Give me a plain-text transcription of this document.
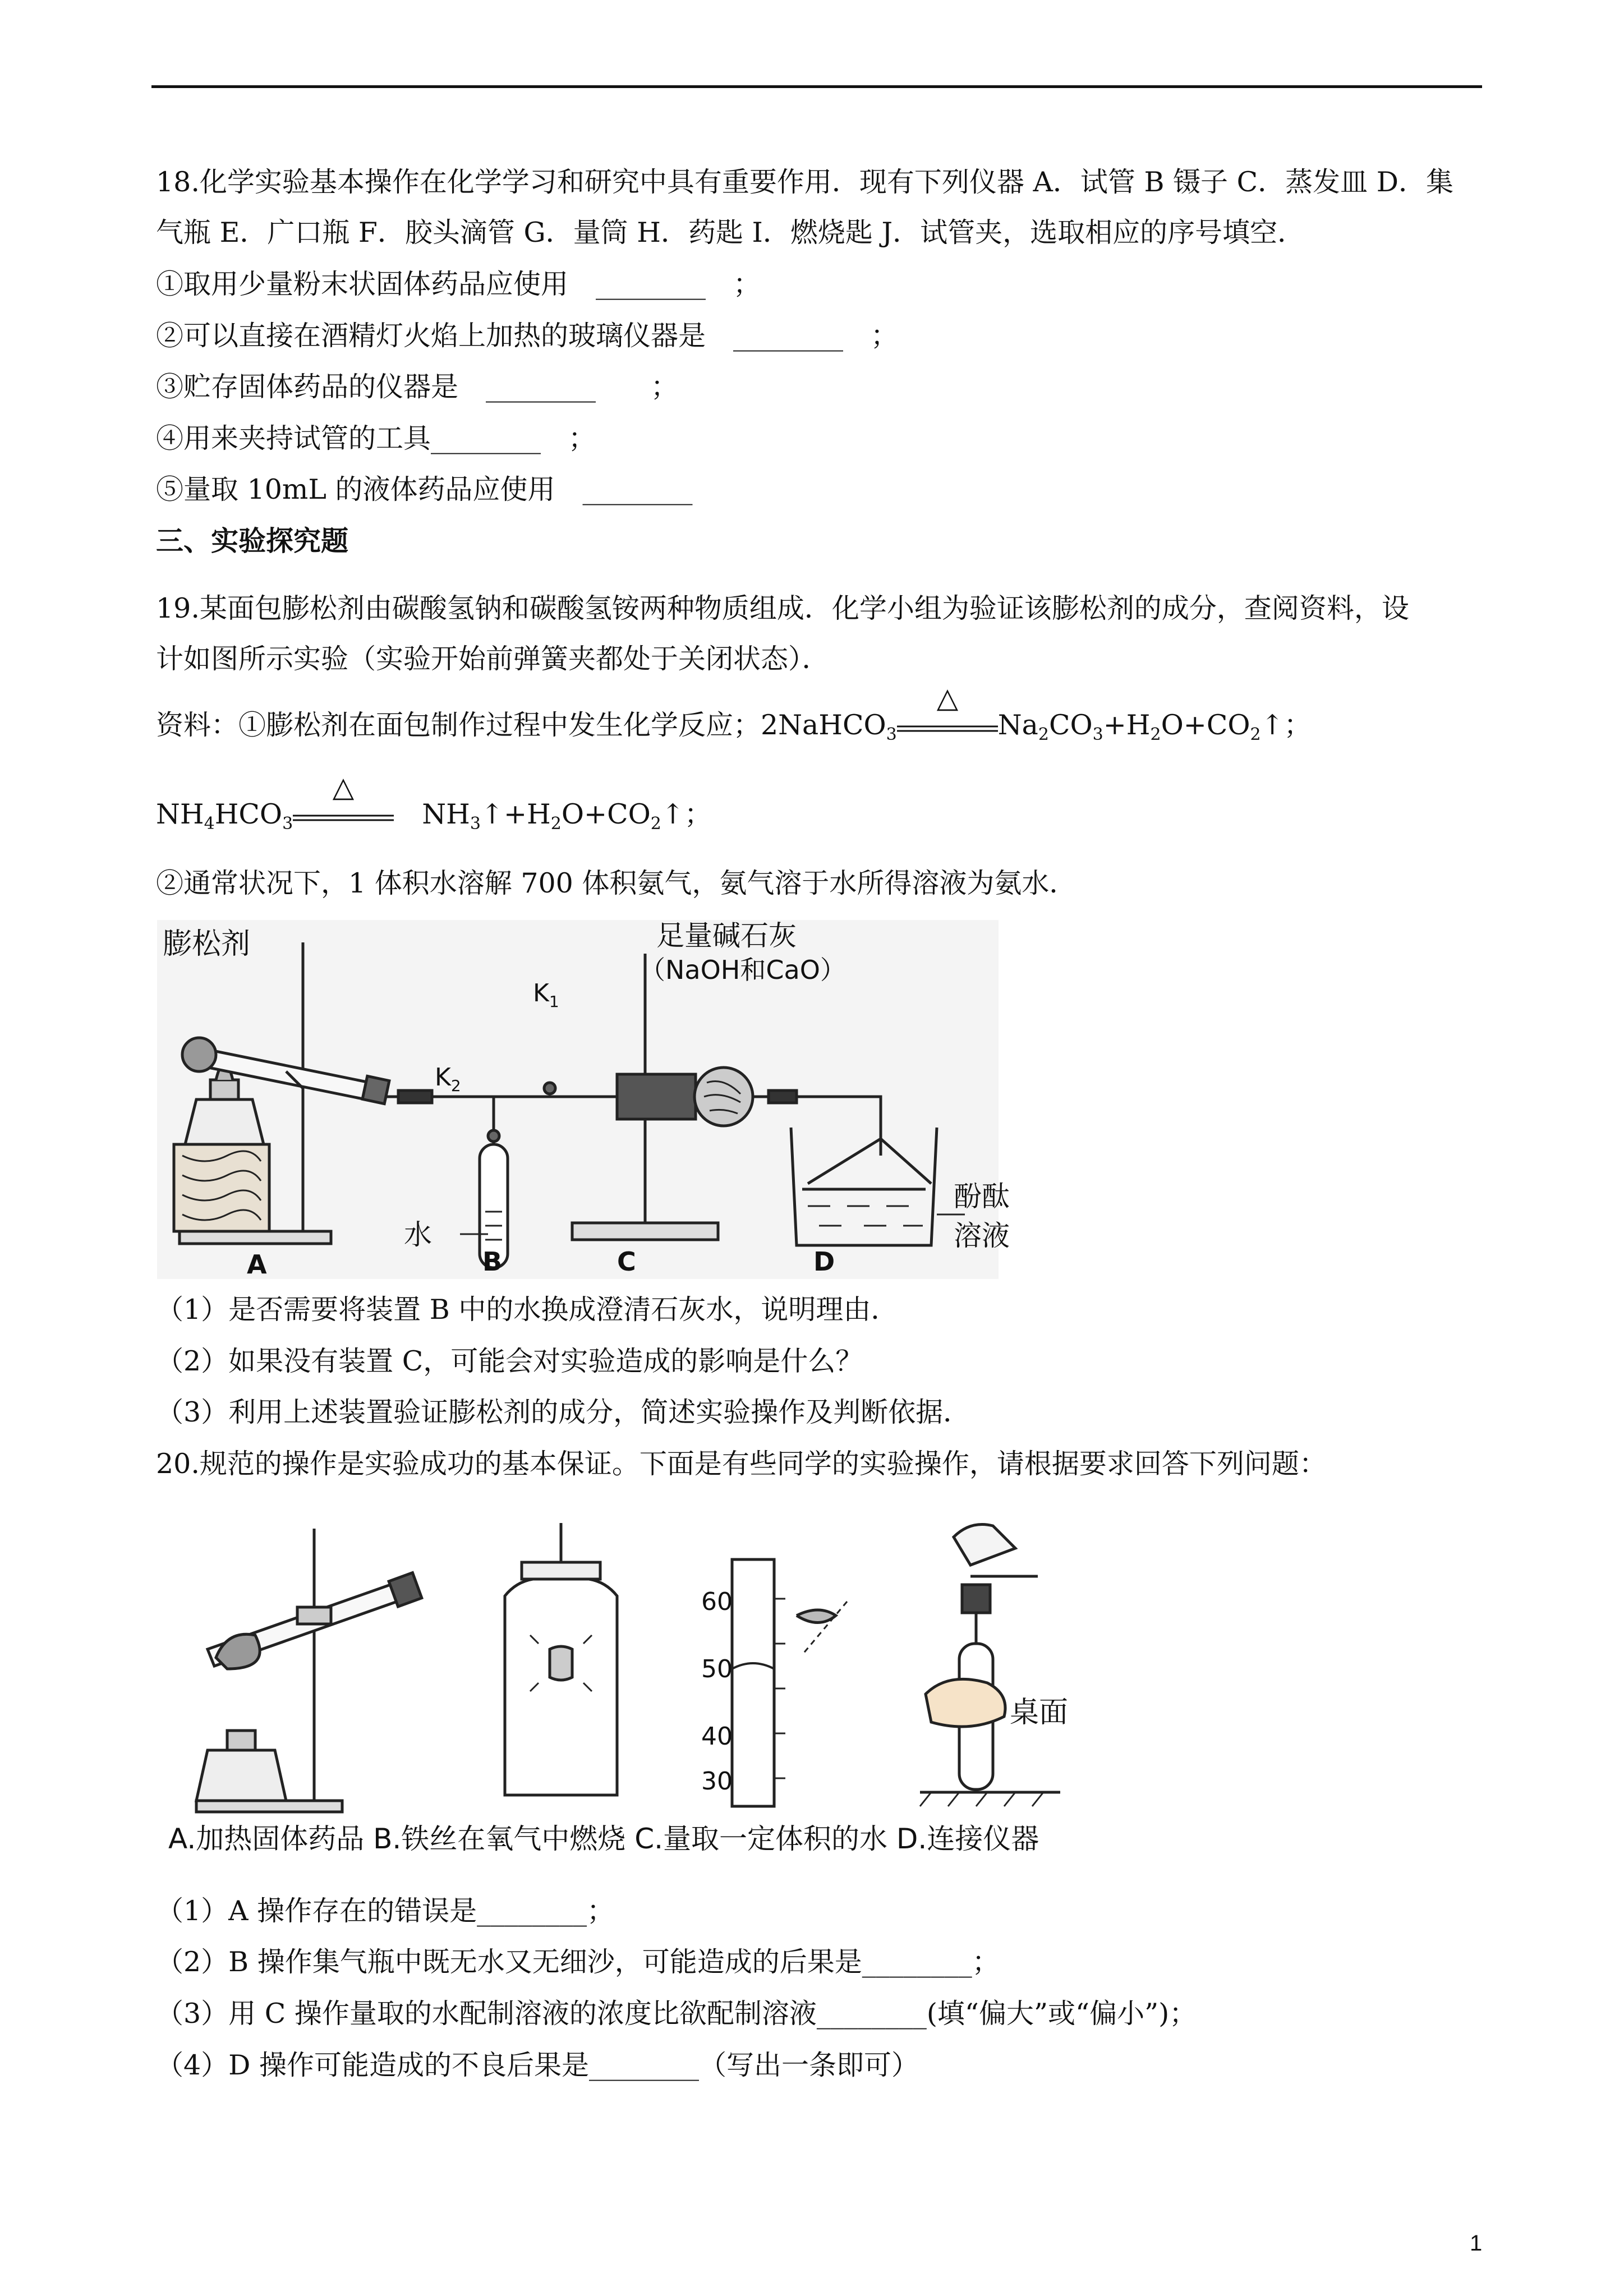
18.化学实验基本操作在化学学习和研究中具有重要作用．现有下列仪器 A．试管 B 镊子 C．蒸发皿 D．集
气瓶 E．广口瓶 F．胶头滴管 G．量筒 H．药匙 I．燃烧匙 J．试管夹，选取相应的序号填空．
①取用少量粉末状固体药品应使用　________　；
②可以直接在酒精灯火焰上加热的玻璃仪器是　________　；
③贮存固体药品的仪器是　________　　；
④用来夹持试管的工具________　；
⑤量取 10mL 的液体药品应使用　________
三、实验探究题
19.某面包膨松剂由碳酸氢钠和碳酸氢铵两种物质组成．化学小组为验证该膨松剂的成分，查阅资料，设
计如图所示实验（实验开始前弹簧夹都处于关闭状态）．
资料：①膨松剂在面包制作过程中发生化学反应；2NaHCO$_3$
△
$Na_2CO_3+H_2O+CO_2↑$；
$NH_4HCO_3$
△
$NH_3↑+H_2O+CO_2↑$；
②通常状况下，1 体积水溶解 700 体积氨气，氨气溶于水所得溶液为氨水．
膨松剂	足量碱石灰
（NaOH和CaO）
$K_1$
$K_2$
水
酚酞
溶液
A	B	C	D
（1）是否需要将装置 B 中的水换成澄清石灰水，说明理由．
（2）如果没有装置 C，可能会对实验造成的影响是什么？
（3）利用上述装置验证膨松剂的成分，简述实验操作及判断依据．
20.规范的操作是实验成功的基本保证。下面是有些同学的实验操作，请根据要求回答下列问题：
60
50
40
30
桌面
A.加热固体药品 B.铁丝在氧气中燃烧 C.量取一定体积的水 D.连接仪器
（1）A 操作存在的错误是________；
（2）B 操作集气瓶中既无水又无细沙，可能造成的后果是________；
（3）用 C 操作量取的水配制溶液的浓度比欲配制溶液________(填“偏大”或“偏小”)；
（4）D 操作可能造成的不良后果是________（写出一条即可）
1
